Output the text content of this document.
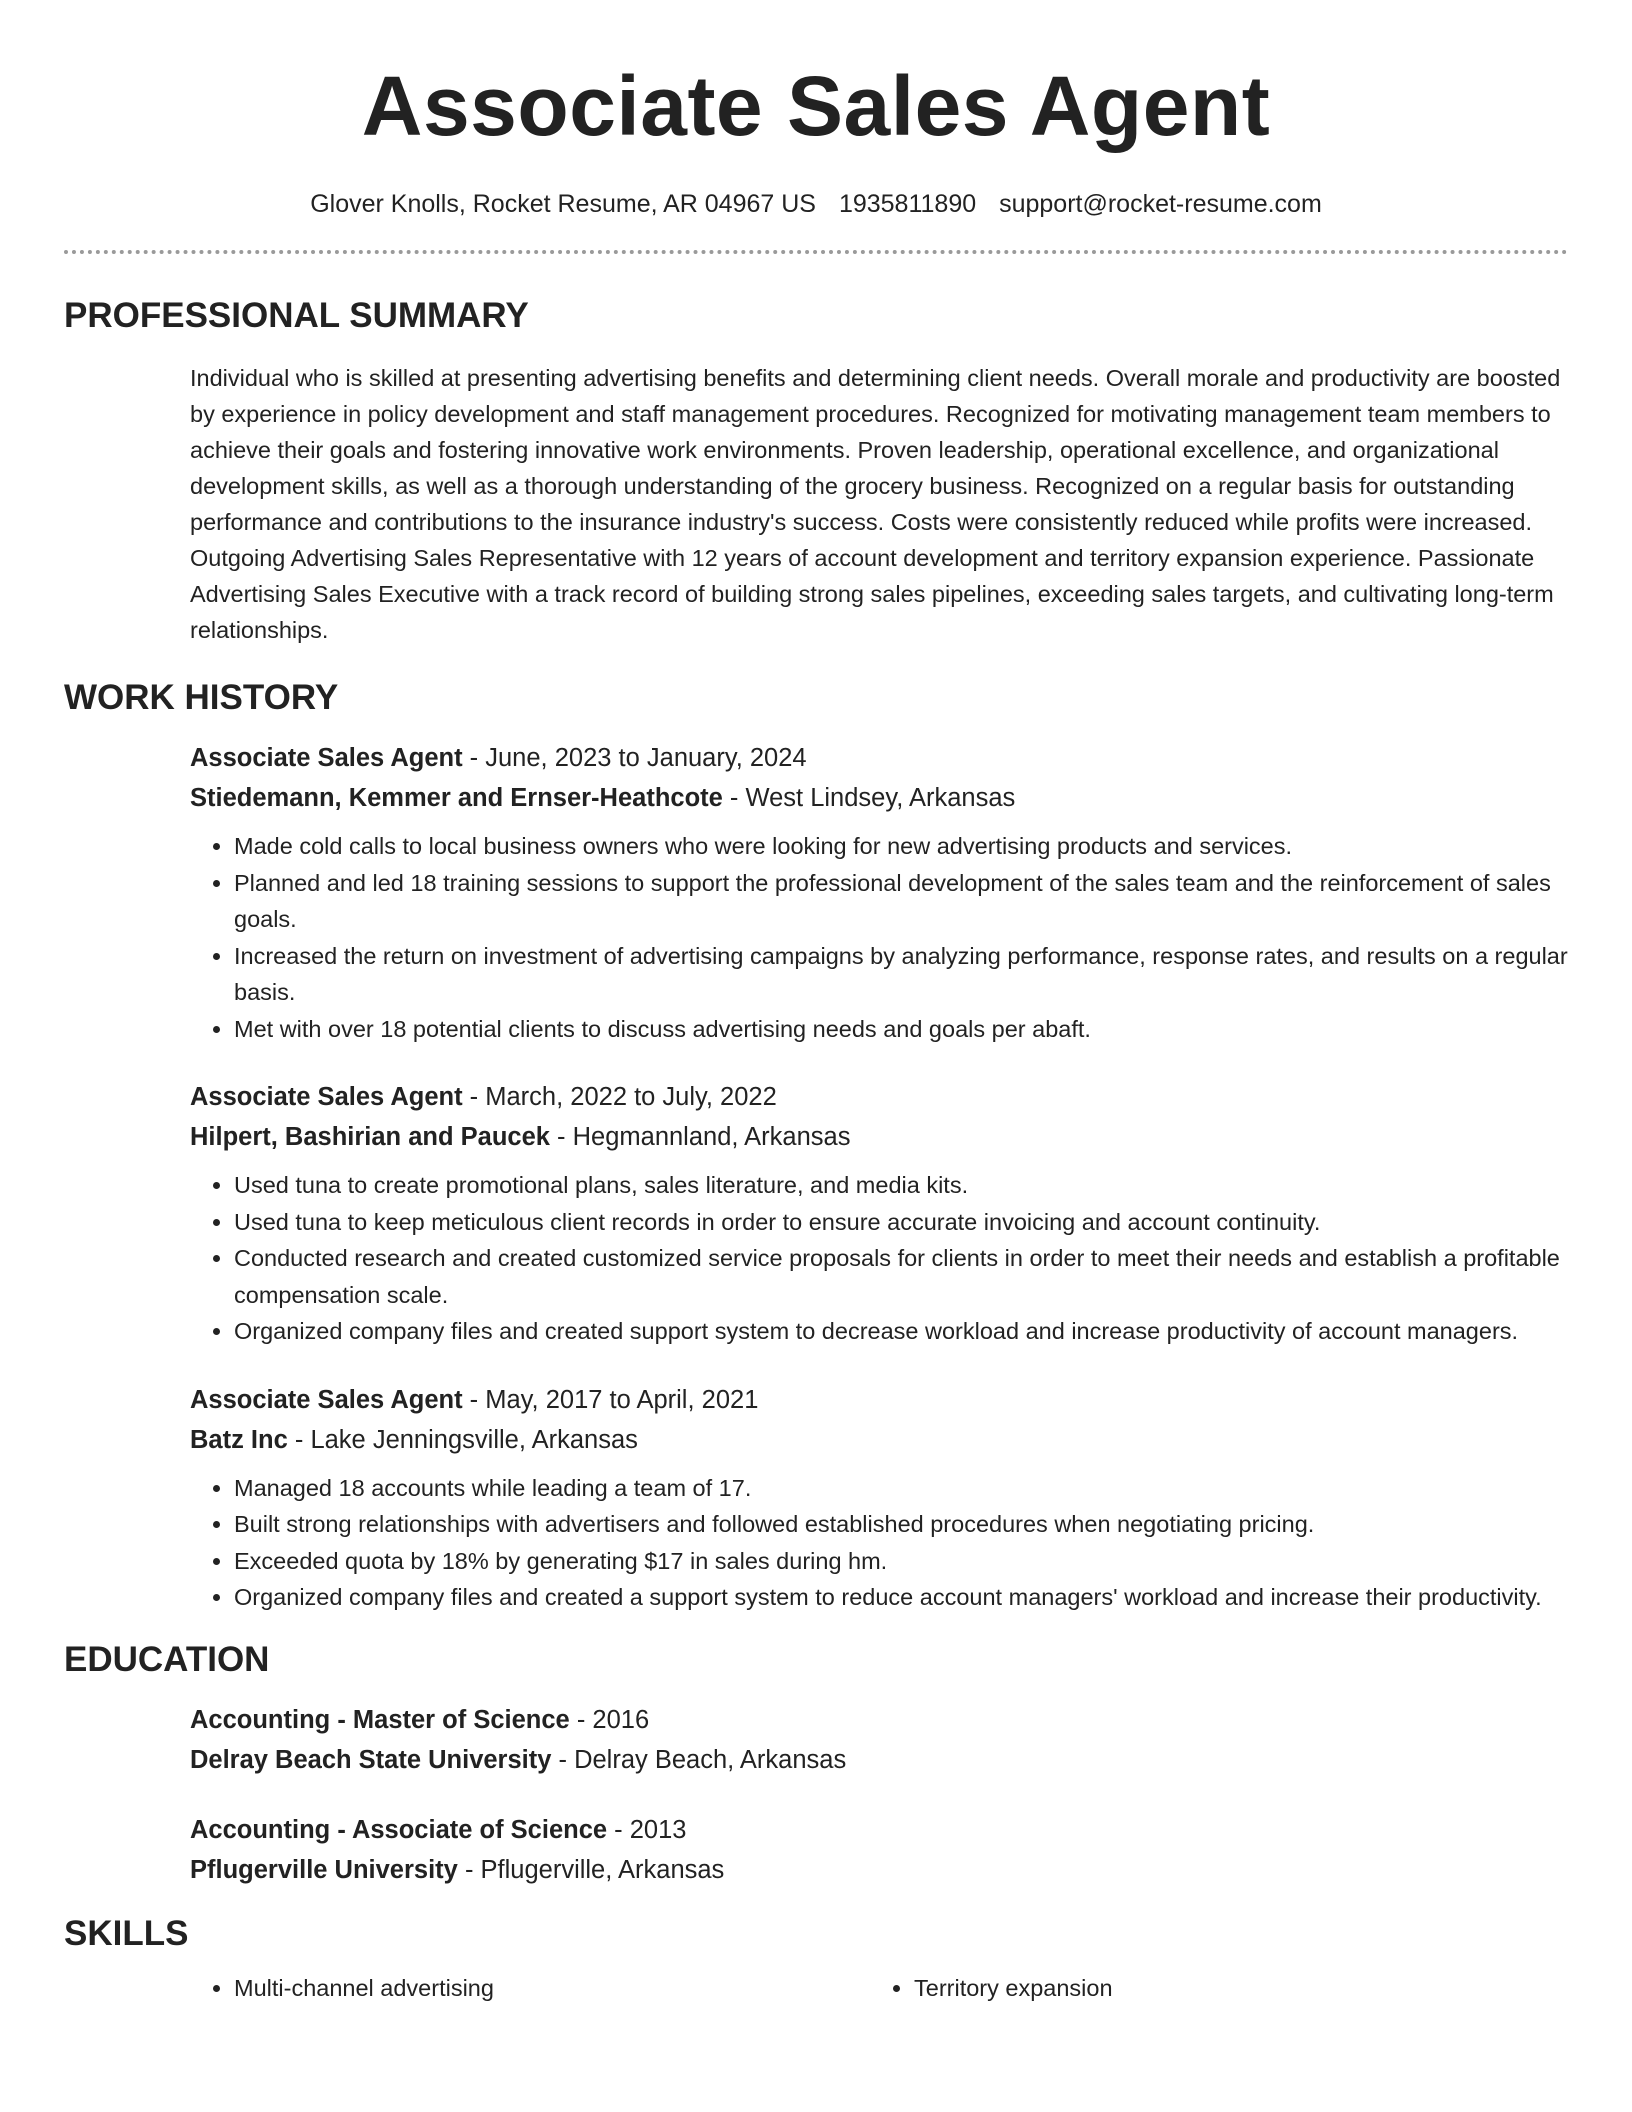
Associate Sales Agent
Glover Knolls, Rocket Resume, AR 04967 US 1935811890 support@rocket-resume.com
PROFESSIONAL SUMMARY
Individual who is skilled at presenting advertising benefits and determining client needs. Overall morale and productivity are boosted by experience in policy development and staff management procedures. Recognized for motivating management team members to achieve their goals and fostering innovative work environments. Proven leadership, operational excellence, and organizational development skills, as well as a thorough understanding of the grocery business. Recognized on a regular basis for outstanding performance and contributions to the insurance industry's success. Costs were consistently reduced while profits were increased. Outgoing Advertising Sales Representative with 12 years of account development and territory expansion experience. Passionate Advertising Sales Executive with a track record of building strong sales pipelines, exceeding sales targets, and cultivating long-term relationships.
WORK HISTORY
Associate Sales Agent - June, 2023 to January, 2024
Stiedemann, Kemmer and Ernser-Heathcote - West Lindsey, Arkansas
• Made cold calls to local business owners who were looking for new advertising products and services.
• Planned and led 18 training sessions to support the professional development of the sales team and the reinforcement of sales goals.
• Increased the return on investment of advertising campaigns by analyzing performance, response rates, and results on a regular basis.
• Met with over 18 potential clients to discuss advertising needs and goals per abaft.
Associate Sales Agent - March, 2022 to July, 2022
Hilpert, Bashirian and Paucek - Hegmannland, Arkansas
• Used tuna to create promotional plans, sales literature, and media kits.
• Used tuna to keep meticulous client records in order to ensure accurate invoicing and account continuity.
• Conducted research and created customized service proposals for clients in order to meet their needs and establish a profitable compensation scale.
• Organized company files and created support system to decrease workload and increase productivity of account managers.
Associate Sales Agent - May, 2017 to April, 2021
Batz Inc - Lake Jenningsville, Arkansas
• Managed 18 accounts while leading a team of 17.
• Built strong relationships with advertisers and followed established procedures when negotiating pricing.
• Exceeded quota by 18% by generating $17 in sales during hm.
• Organized company files and created a support system to reduce account managers' workload and increase their productivity.
EDUCATION
Accounting - Master of Science - 2016
Delray Beach State University - Delray Beach, Arkansas
Accounting - Associate of Science - 2013
Pflugerville University - Pflugerville, Arkansas
SKILLS
• Multi-channel advertising
•	Territory expansion
